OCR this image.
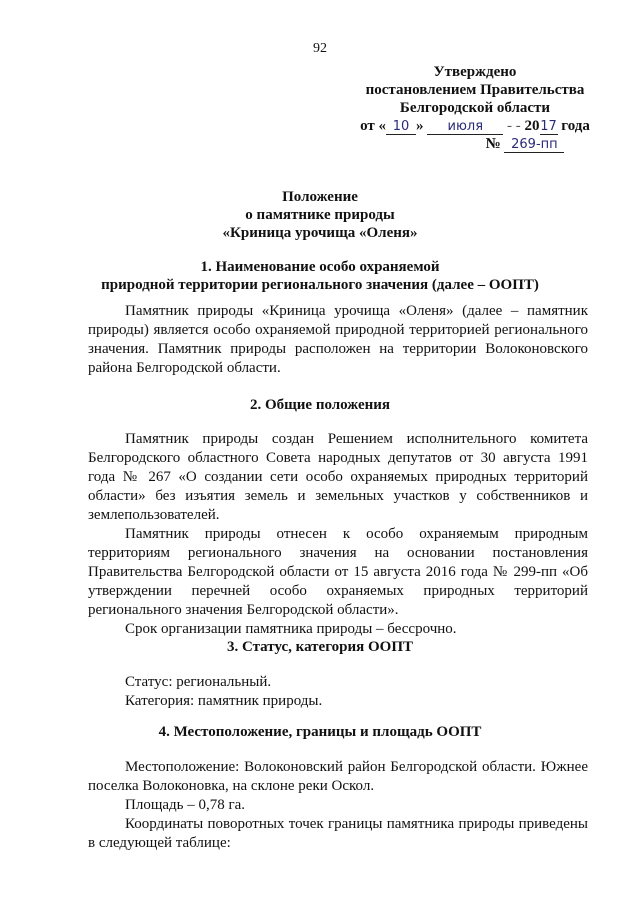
92
Утверждено
постановлением Правительства
Белгородской области
от « 10 » июля - - 2017 года
№ 269-пп
Положение
о памятнике природы
«Криница урочища «Оленя»
1. Наименование особо охраняемой
природной территории регионального значения (далее – ООПТ)

Памятник природы «Криница урочища «Оленя» (далее – памятник природы) является особо охраняемой природной территорией регионального значения. Памятник природы расположен на территории Волоконовского района Белгородской области.

2. Общие положения

Памятник природы создан Решением исполнительного комитета Белгородского областного Совета народных депутатов от 30 августа 1991 года № 267 «О создании сети особо охраняемых природных территорий области» без изъятия земель и земельных участков у собственников и землепользователей.

Памятник природы отнесен к особо охраняемым природным территориям регионального значения на основании постановления Правительства Белгородской области от 15 августа 2016 года № 299-пп «Об утверждении перечней особо охраняемых природных территорий регионального значения Белгородской области».

Срок организации памятника природы – бессрочно.

3. Статус, категория ООПТ

Статус: региональный.

Категория: памятник природы.

4. Местоположение, границы и площадь ООПТ

Местоположение: Волоконовский район Белгородской области. Южнее поселка Волоконовка, на склоне реки Оскол.

Площадь – 0,78 га.

Координаты поворотных точек границы памятника природы приведены в следующей таблице:
